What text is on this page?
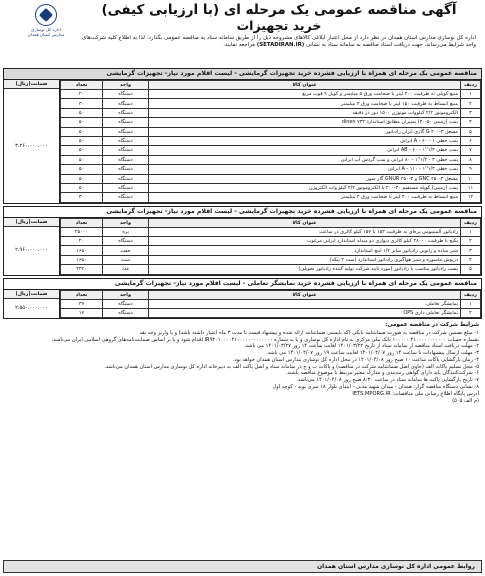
اداره کل نوسازی
مدارس استان همدان
آگهی مناقصه عمومی یک مرحله ای (با ارزیابی کیفی)
خرید تجهیزات
اداره کل نوسازی مدارس استان همدان در نظر دارد از محل اعتبار ابلاغی کالاهای مشروحه ذیل را از طریق سامانه ستاد به مناقصه عمومی بگذارد. لذا به اطلاع کلیه شرکت‌های واجد شرایط می‌رساند، جهت دریافت اسناد مناقصه به سامانه ستاد به نشانی (SETADIRAN.IR) مراجعه نمایند.
مناقصه عمومی یک مرحله ای همراه با ارزیابی فشرده خرید تجهیزات گرمایشی - لیست اقلام مورد نیاز- تجهیزات گرمایشی
ردیف	عنوان کالا	واحد	تعداد
۱	منبع کویلی به ظرفیت ۳۰۰ لیتر با ضخامت ورق ۵ میلیمتر و کویل ۹ فوت مربع	دستگاه	۲۰
۲	منبع انبساط به ظرفیت ۱۵۰ لیتر با ضخامت ورق ۳ میلیمتر	دستگاه	۳۰
۳	الکتروموتور ۲/۲ کیلووات موتوژن ۱۵۰۰ دور در دقیقه	دستگاه	۵۰
۴	پمپ (زمینی ۵۰-۳۰) پمپیران مطابق استاندارد dinen ۷۳۳	دستگاه	۵۰
۵	مشعل ۳-۴۰۰ G گازی ایران رادیاتور	دستگاه	۵۰
۶	پمپ خطی ۱ - ۶۰ - A ایرانی	دستگاه	۵۰
۷	پمپ خطی ۱/۴''۱ - ۶۰ - AB ایرانی	دستگاه	۵۰
۸	پمپ خطی ۳ - ۱/۲''۱ - ۸۰ ایرانی و پمپ گردش آب ایرانی	دستگاه	۵۰
۹	پمپ خطی ۱/۴''۱ - ۱۱۰ - A ایرانی	دستگاه	۵۰
۱۰	مشعل ۳-۲۵۰ GNC و ۳-۲۵۰ GNUR گاز سوز	دستگاه	۵۰
۱۱	پمپ (زمینی) کوپله مستقیم ۴۰-۲۰۰ با الکتروموتور ۲/۲ کیلو وات الکتروژن	دستگاه	۵۰
۱۲	منبع انبساط به ظرفیت ۴۰۰ لیتر با ضخامت ورق ۳ میلیمتر	دستگاه	۳۰
ضمانت(ریال)
۳،۲۶۰،۰۰۰،۰۰۰
مناقصه عمومی یک مرحله ای همراه با ارزیابی فشرده خرید تجهیزات گرمایشی - لیست اقلام مورد نیاز- تجهیزات گرمایشی
ردیف	عنوان کالا	واحد	تعداد
۱	رادیاتور آلمینیومی پره‌ای به ظرفیت ۱۵۲ تا ۱۵۷ کیلو کالری در ساعت	پره	۲۵۰۰۰
۲	پکیج با ظرفیت ۲۸۰۰۰ کیلو کالری دیواری دو مبدله استاندارد ایرانی مرغوب	دستگاه	۲۰
۳	شیر ساده و زانویی رادیاتور سایز ۱/۲ اینچ استاندارد	جفت	۱۶۵۰
۴	درپوش ماسوره و شیر هواگیری رادیاتور استاندارد (ست ۴ تیکه)	ست	۱۶۵۰
۵	پست رادیاتور مناسب با رادیاتور (مورد تایید شرکت تولید کننده رادیاتور تحویلی)	عدد	۳۴۲۰
ضمانت(ریال)
۲،۹۶۰،۰۰۰،۰۰۰
مناقصه عمومی یک مرحله ای همراه با ارزیابی فشرده خرید نمایشگر تعاملی - لیست اقلام مورد نیاز- تجهیزات گرمایشی
ردیف	عنوان کالا	واحد	تعداد
۱	نمایشگر تعاملی	دستگاه	۳۷
۲	نمایشگر تعاملی داری OPS	دستگاه	۱۷
ضمانت(ریال)
۲،۵۵۰،۰۰۰،۰۰۰
شرایط شرکت در مناقصه عمومی:
۱- مبلغ تضمین شرکت در مناقصه به صورت ضمانتنامه بانکی (که بایستی ضمانتنامه ارائه شده و پیشنهاد قیمت تا مدت ۳ ماه اعتبار داشته باشد) و یا واریز وجه نقد
بشماره حساب ۴۱۰۰۰۰۰۰۰۰۰۰۰ ۱۰۰۰۰۰ بانک ملی مرکزی به نام اداره کل نوسازی و یا به شماره IR۹۳۰۱۰۰۰۰۴۱۰۰۰۰۰۰۰۰۰۰۰۰۰ اقدام شود و یا بر اساس ضمانت‌نامه‌های گروهی اسلامی ایران می‌باشد.
۲- مهلت دریافت اسناد مناقصه از سامانه ستاد از تاریخ ۱۴۰۱/۰۳/۲۲ لغایت ساعت ۱۴ روز ۱۴۰۱/۰۳/۲۷ می باشد.
۳- مهلت ارسال پیشنهادات تا ساعت ۱۴ روز ۱۴۰۱/۰۴/۰۷ لغایت ساعت ۱۹ روز ۱۴۰۱/۰۴/۰۷ می باشد.
۴- زمان بازگشایی پاکات ساعت ۱۰ صبح روز ۱۴۰۱/۰۴/۰۸ در محل اداره کل نوسازی مدارس استان همدان خواهد بود.
۵- محل تسلیم پاکات الف (حاوی اصل ضمانتنامه شرکت در مناقصه) و پاکات ب و ج در سامانه ستاد و اصل پاکت الف به دبیرخانه اداره کل نوسازی مدارس استان همدان می‌باشد.
۶- شرکت‌کنندگان باید دارای گواهی رتبه‌بندی و مدارک معتبر مرتبط با موضوع مناقصه باشند.
۷- تاریخ بازگشایی پاکت ها سامانه ستاد در ساعت ۸:۳۰ صبح روز ۱۴۰۱/۰۴/۰۸ می‌باشد.
۸- نشانی دستگاه مناقصه گزار: همدان - میدان شهید مدنی - ابتدای بلوار ۱۸ متری نوید - کوچه اول
آدرس پایگاه اطلاع رسانی ملی مناقصات: IETS.MPORG.IR
(م الف ۵۰۵)
روابط عمومی اداره کل نوسازی مدارس استان همدان
